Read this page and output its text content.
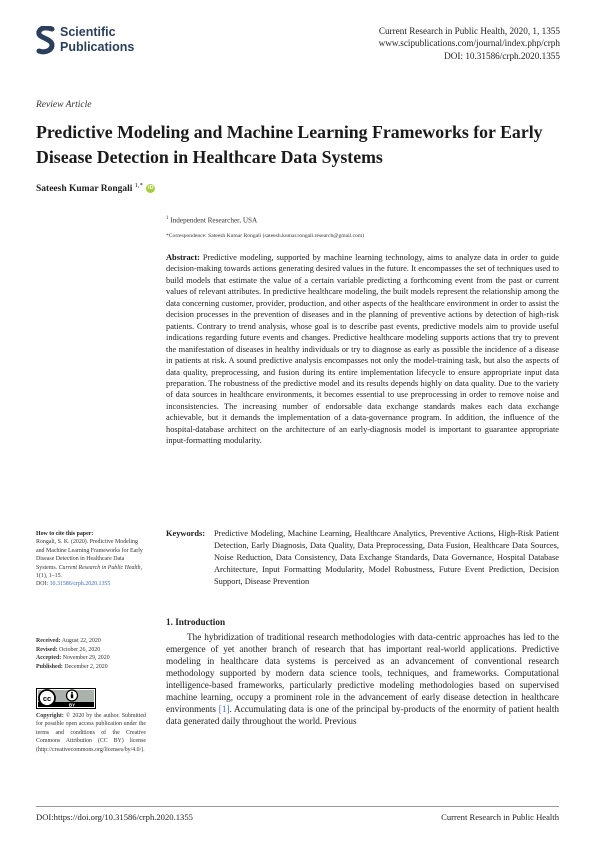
Scientific
Publications
Current Research in Public Health, 2020, 1, 1355
www.scipublications.com/journal/index.php/crph
DOI: 10.31586/crph.2020.1355
Review Article
Predictive Modeling and Machine Learning Frameworks for Early Disease Detection in Healthcare Data Systems
Sateesh Kumar Rongali $^{1,*}$ iD
$^1$ Independent Researcher, USA
*Correspondence: Sateesh Kumar Rongali (sateesh.kumar.rongali.research@gmail.com)
Abstract: Predictive modeling, supported by machine learning technology, aims to analyze data in order to guide decision-making towards actions generating desired values in the future. It encompasses the set of techniques used to build models that estimate the value of a certain variable predicting a forthcoming event from the past or current values of relevant attributes. In predictive healthcare modeling, the built models represent the relationship among the data concerning customer, provider, production, and other aspects of the healthcare environment in order to assist the decision processes in the prevention of diseases and in the planning of preventive actions by detection of high-risk patients. Contrary to trend analysis, whose goal is to describe past events, predictive models aim to provide useful indications regarding future events and changes. Predictive healthcare modeling supports actions that try to prevent the manifestation of diseases in healthy individuals or try to diagnose as early as possible the incidence of a disease in patients at risk. A sound predictive analysis encompasses not only the model-training task, but also the aspects of data quality, preprocessing, and fusion during its entire implementation lifecycle to ensure appropriate input data preparation. The robustness of the predictive model and its results depends highly on data quality. Due to the variety of data sources in healthcare environments, it becomes essential to use preprocessing in order to remove noise and inconsistencies. The increasing number of endorsable data exchange standards makes each data exchange achievable, but it demands the implementation of a data-governance program. In addition, the influence of the hospital-database architect on the architecture of an early-diagnosis model is important to guarantee appropriate input-formatting modularity.
Keywords: Predictive Modeling, Machine Learning, Healthcare Analytics, Preventive Actions, High-Risk Patient Detection, Early Diagnosis, Data Quality, Data Preprocessing, Data Fusion, Healthcare Data Sources, Noise Reduction, Data Consistency, Data Exchange Standards, Data Governance, Hospital Database Architecture, Input Formatting Modularity, Model Robustness, Future Event Prediction, Decision Support, Disease Prevention
How to cite this paper:
Rongali, S. K. (2020). Predictive Modeling and Machine Learning Frameworks for Early Disease Detection in Healthcare Data Systems. Current Research in Public Health, 1(1), 1–15.
DOI: 10.31586/crph.2020.1355
Received: August 22, 2020
Revised: October 26, 2020
Accepted: November 29, 2020
Published: December 2, 2020
cc
BY
Copyright: © 2020 by the author. Submitted for possible open access publication under the terms and conditions of the Creative Commons Attribution (CC BY) license (http://creativecommons.org/licenses/by/4.0/).
1. Introduction
The hybridization of traditional research methodologies with data-centric approaches has led to the emergence of yet another branch of research that has important real-world applications. Predictive modeling in healthcare data systems is perceived as an advancement of conventional research methodology supported by modern data science tools, techniques, and frameworks. Computational intelligence-based frameworks, particularly predictive modeling methodologies based on supervised machine learning, occupy a prominent role in the advancement of early disease detection in healthcare environments [1]. Accumulating data is one of the principal by-products of the enormity of patient health data generated daily throughout the world. Previous
DOI:https://doi.org/10.31586/crph.2020.1355	Current Research in Public Health
